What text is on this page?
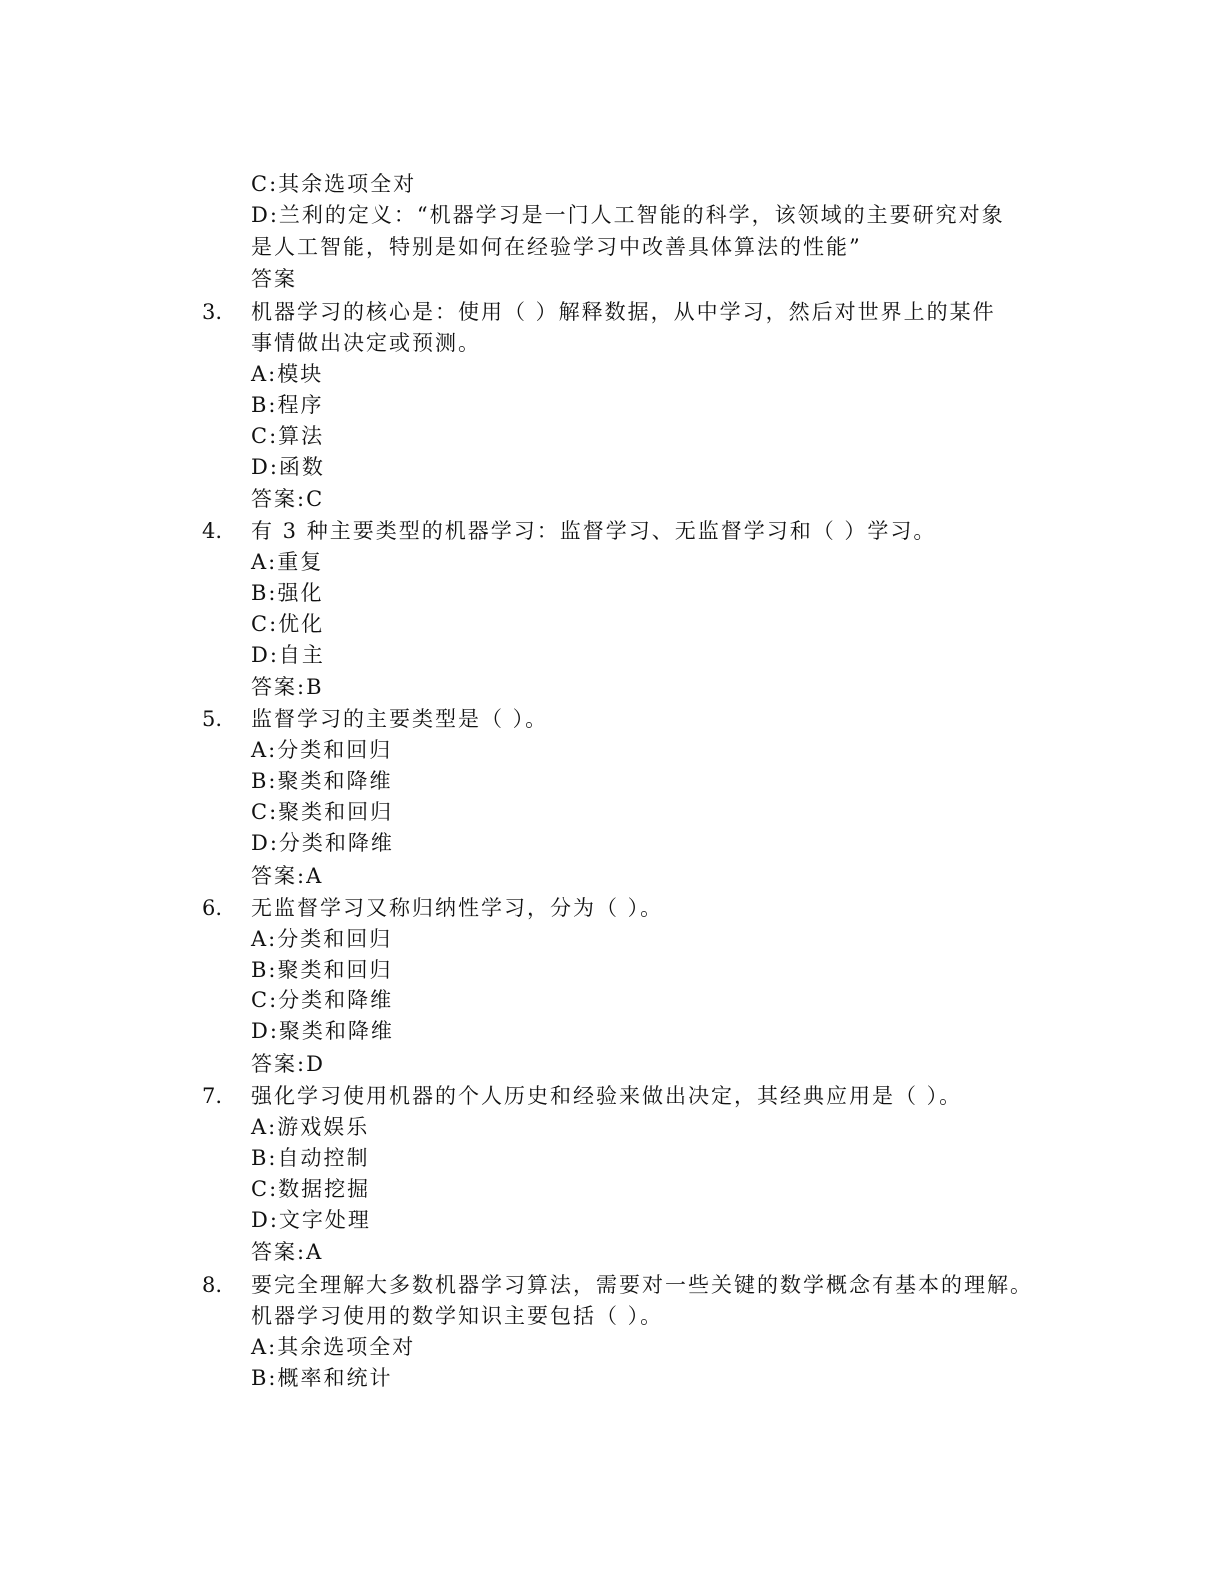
C:其余选项全对
D:兰利的定义：“机器学习是一门人工智能的科学，该领域的主要研究对象
是人工智能，特别是如何在经验学习中改善具体算法的性能”
答案
3. 机器学习的核心是：使用（ ）解释数据，从中学习，然后对世界上的某件
事情做出决定或预测。
A:模块
B:程序
C:算法
D:函数
答案:C
4. 有 3 种主要类型的机器学习：监督学习、无监督学习和（ ）学习。
A:重复
B:强化
C:优化
D:自主
答案:B
5. 监督学习的主要类型是（ ）。
A:分类和回归
B:聚类和降维
C:聚类和回归
D:分类和降维
答案:A
6. 无监督学习又称归纳性学习，分为（ ）。
A:分类和回归
B:聚类和回归
C:分类和降维
D:聚类和降维
答案:D
7. 强化学习使用机器的个人历史和经验来做出决定，其经典应用是（ ）。
A:游戏娱乐
B:自动控制
C:数据挖掘
D:文字处理
答案:A
8. 要完全理解大多数机器学习算法，需要对一些关键的数学概念有基本的理解。
机器学习使用的数学知识主要包括（ ）。
A:其余选项全对
B:概率和统计
